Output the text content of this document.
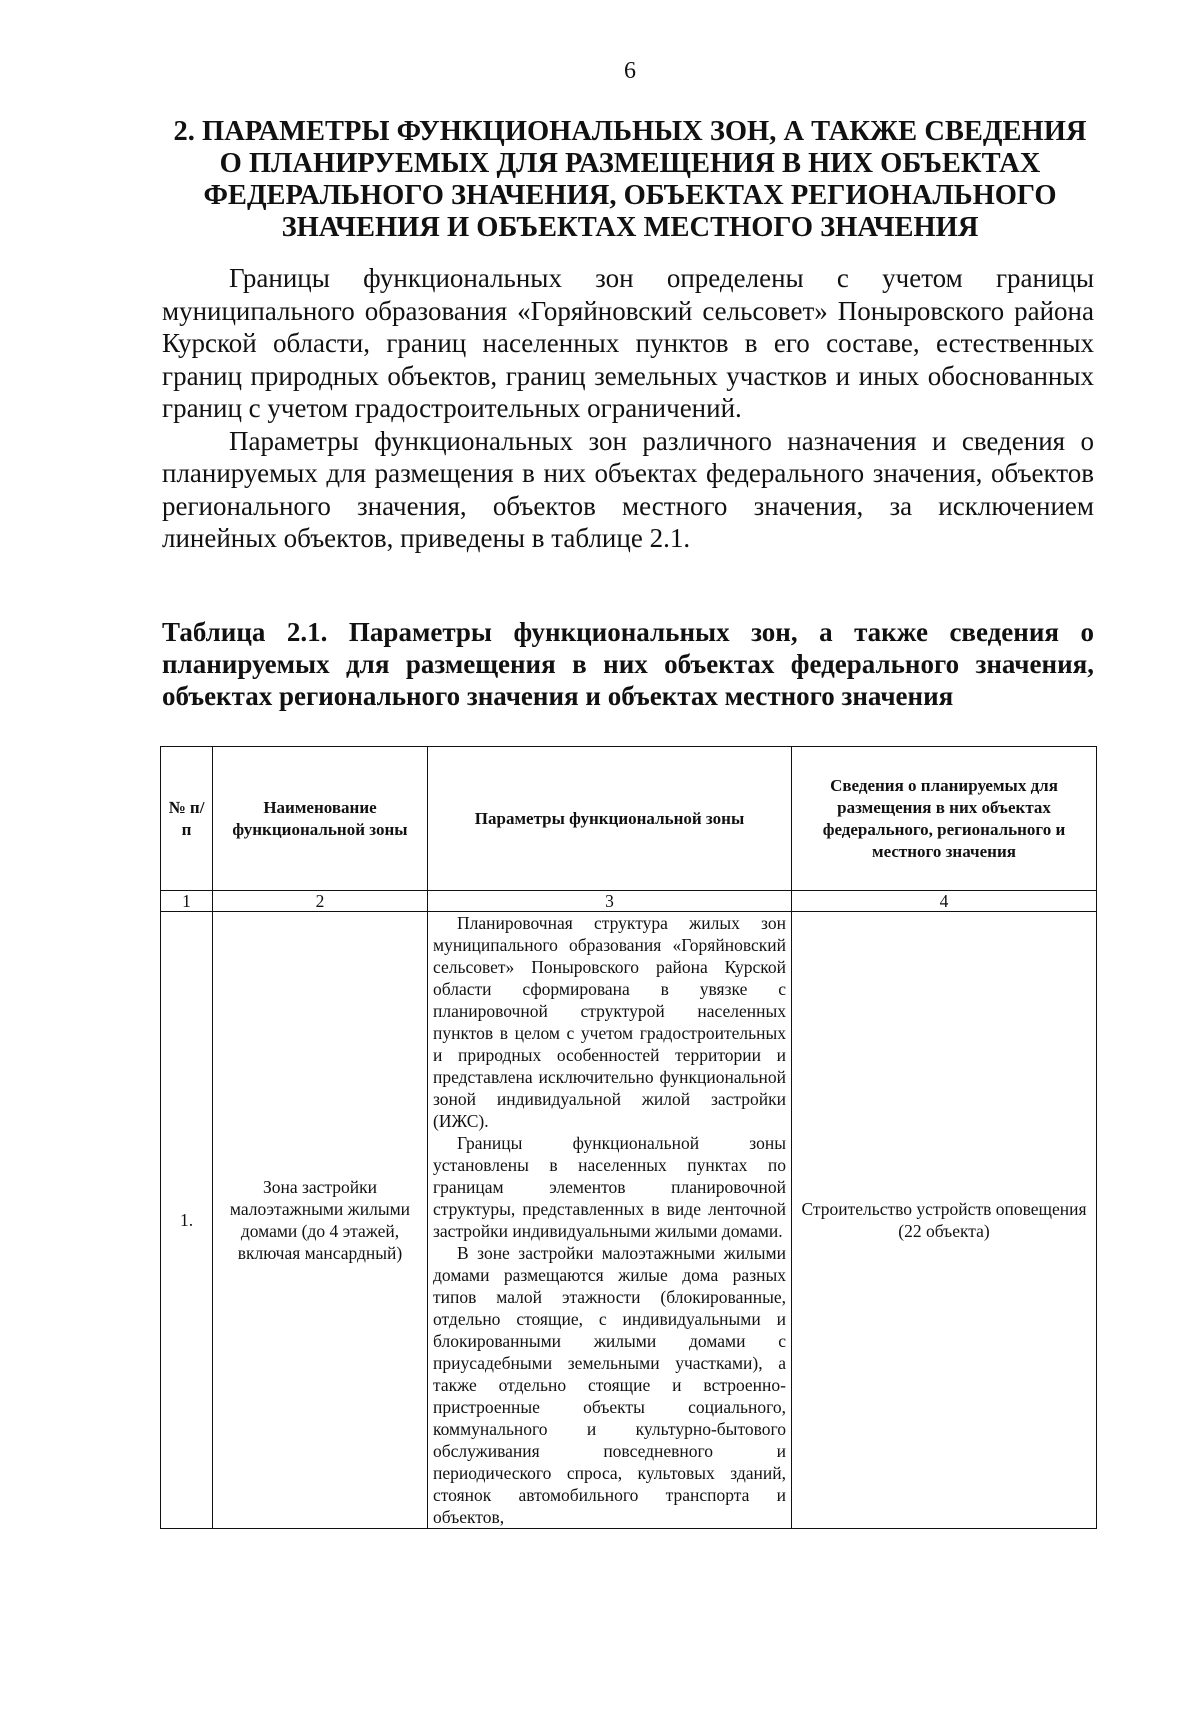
6
2. ПАРАМЕТРЫ ФУНКЦИОНАЛЬНЫХ ЗОН, А ТАКЖЕ СВЕДЕНИЯ
О ПЛАНИРУЕМЫХ ДЛЯ РАЗМЕЩЕНИЯ В НИХ ОБЪЕКТАХ
ФЕДЕРАЛЬНОГО ЗНАЧЕНИЯ, ОБЪЕКТАХ РЕГИОНАЛЬНОГО
ЗНАЧЕНИЯ И ОБЪЕКТАХ МЕСТНОГО ЗНАЧЕНИЯ

Границы функциональных зон определены с учетом границы муниципального образования «Горяйновский сельсовет» Поныровского района Курской области, границ населенных пунктов в его составе, естественных границ природных объектов, границ земельных участков и иных обоснованных границ с учетом градостроительных ограничений.

Параметры функциональных зон различного назначения и сведения о планируемых для размещения в них объектах федерального значения, объектов регионального значения, объектов местного значения, за исключением линейных объектов, приведены в таблице 2.1.

Таблица 2.1. Параметры функциональных зон, а также сведения о планируемых для размещения в них объектах федерального значения, объектах регионального значения и объектах местного значения
№ п/п	Наименование функциональной зоны	Параметры функциональной зоны	Сведения о планируемых для размещения в них объектах федерального, регионального и местного значения
1	2	3	4
1.	Зона застройки малоэтажными жилыми домами (до 4 этажей, включая мансардный)	Планировочная структура жилых зон муниципального образования «Горяйновский сельсовет» Поныровского района Курской области сформирована в увязке с планировочной структурой населенных пунктов в целом с учетом градостроительных и природных особенностей территории и представлена исключительно функциональной зоной индивидуальной жилой застройки (ИЖС).

Границы функциональной зоны установлены в населенных пунктах по границам элементов планировочной структуры, представленных в виде ленточной застройки индивидуальными жилыми домами.

В зоне застройки малоэтажными жилыми домами размещаются жилые дома разных типов малой этажности (блокированные, отдельно стоящие, с индивидуальными и блокированными жилыми домами с приусадебными земельными участками), а также отдельно стоящие и встроенно-пристроенные объекты социального, коммунального и культурно-бытового обслуживания повседневного и периодического спроса, культовых зданий, стоянок автомобильного транспорта и объектов,	Строительство устройств оповещения (22 объекта)
